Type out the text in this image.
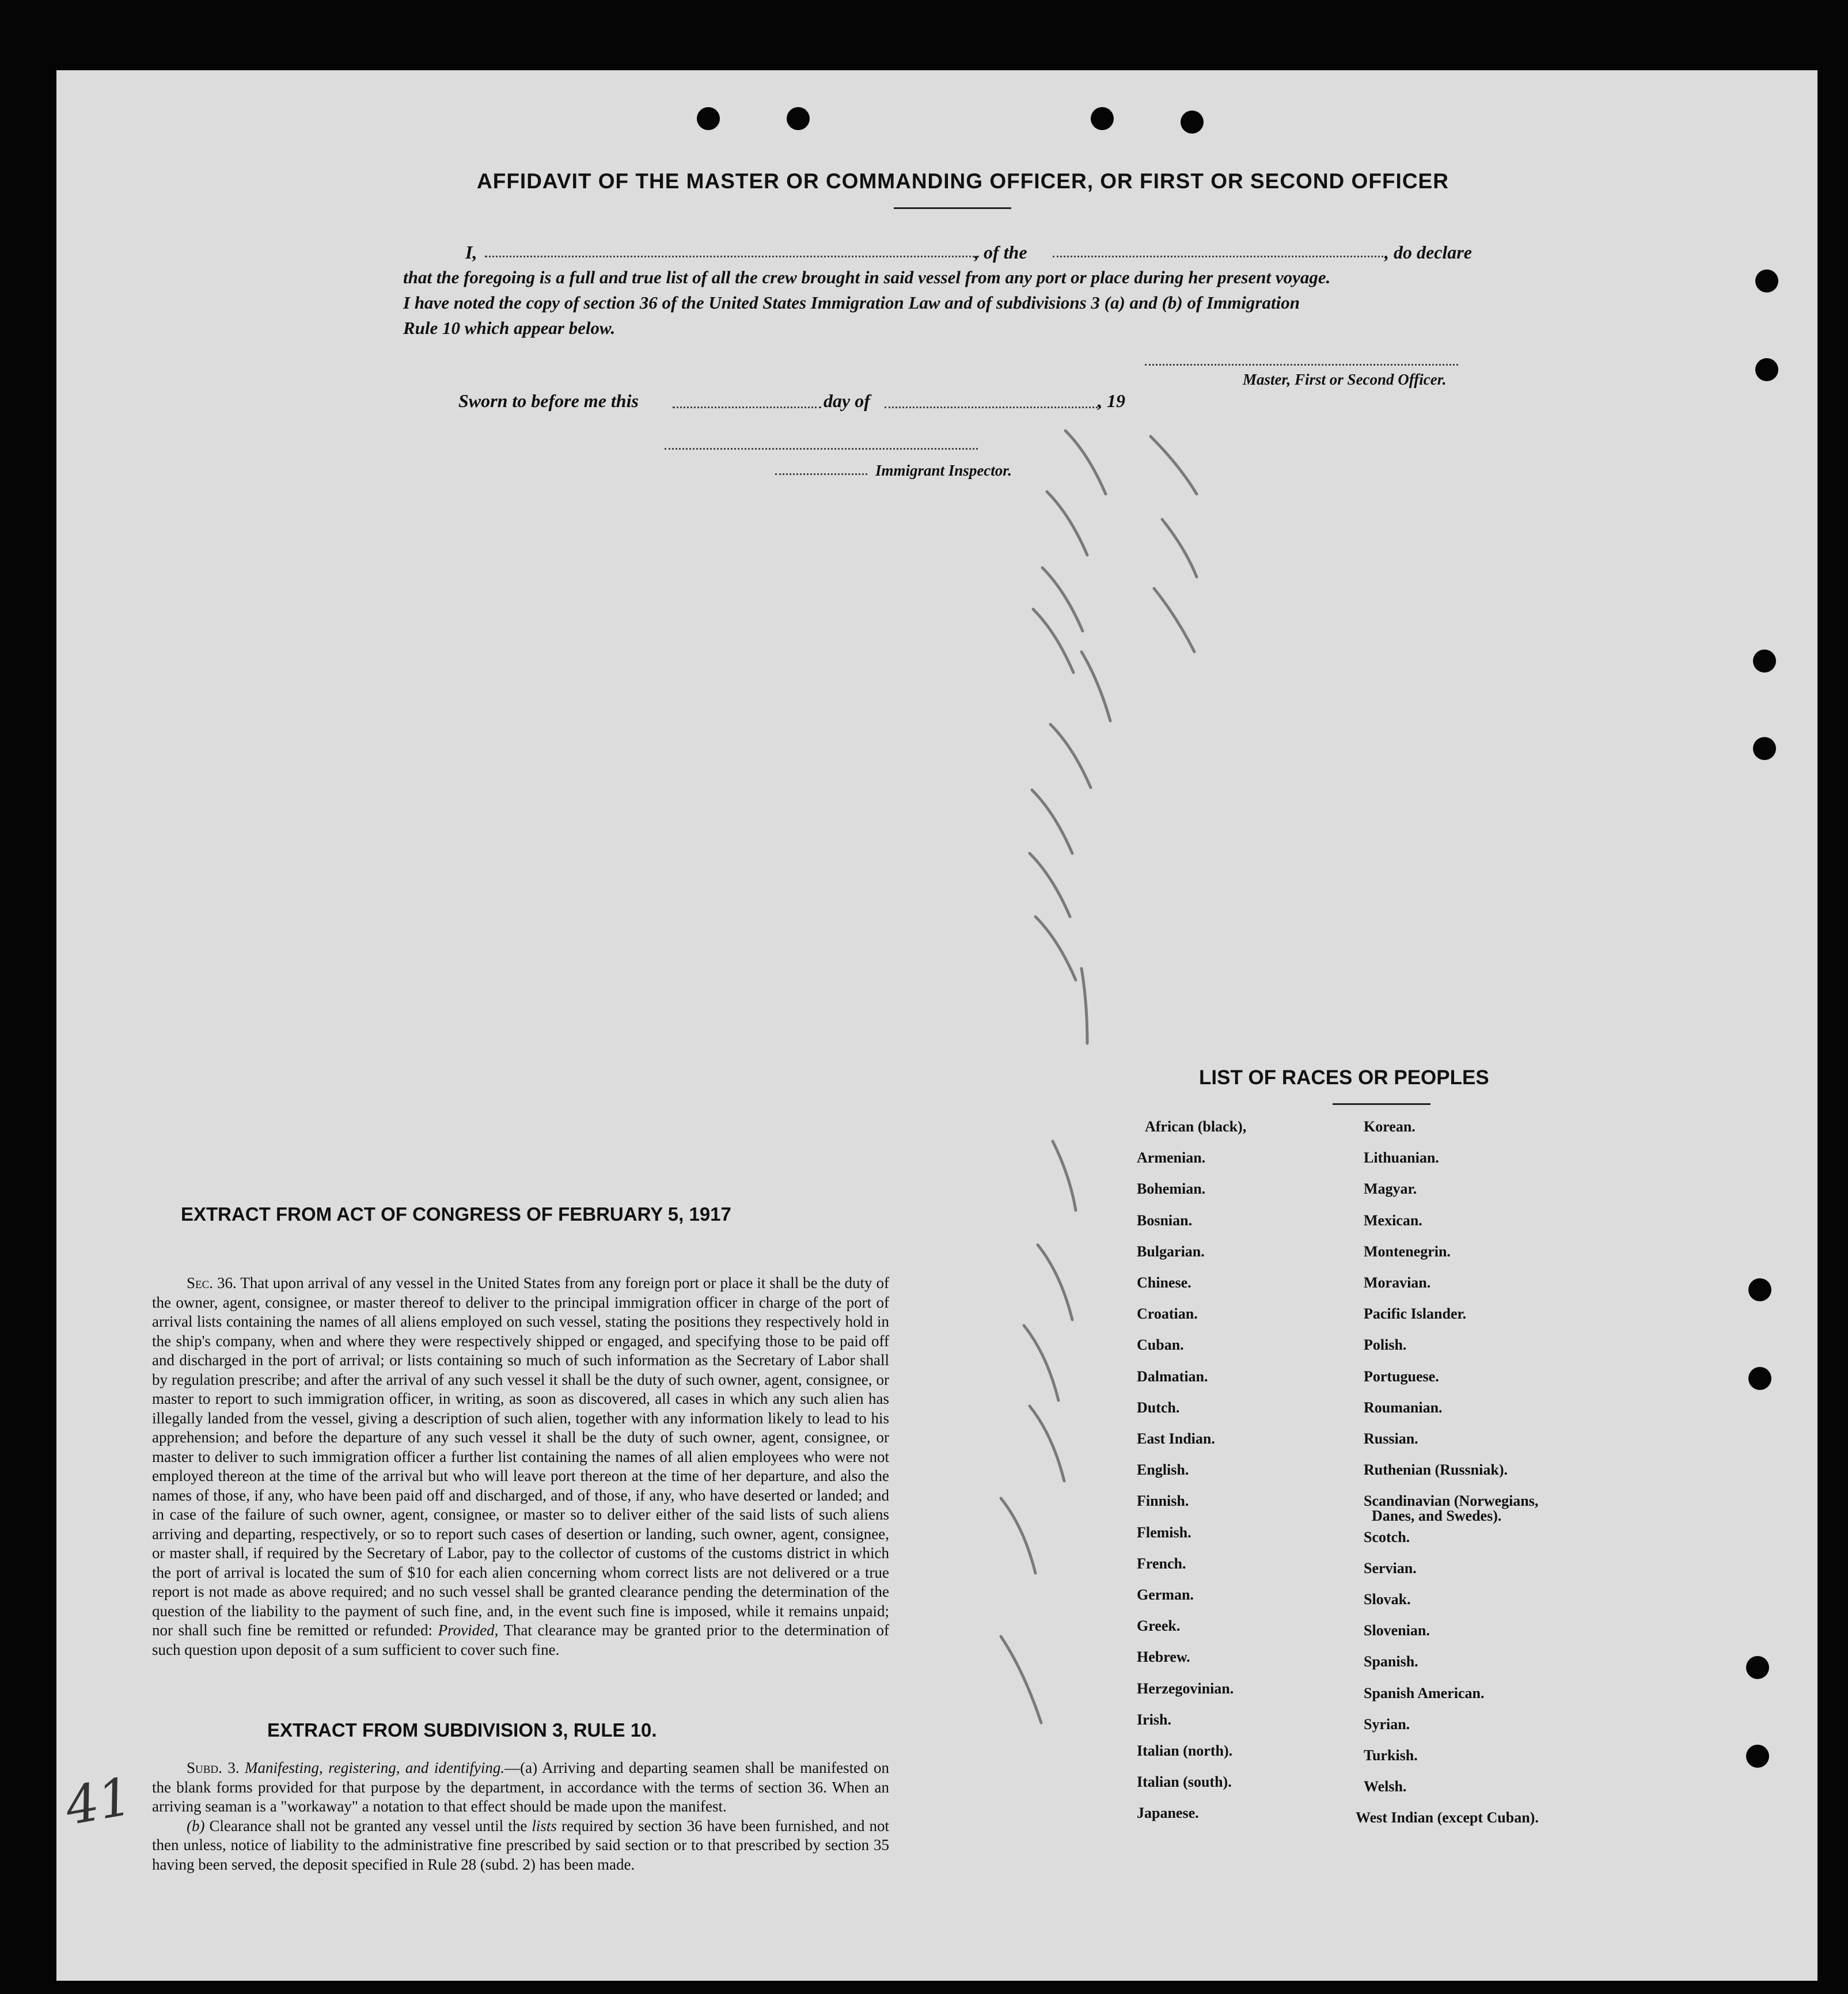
41
AFFIDAVIT OF THE MASTER OR COMMANDING OFFICER, OR FIRST OR SECOND OFFICER
I,	, of the	, do declare
that the foregoing is a full and true list of all the crew brought in said vessel from any port or place during her present voyage.
I have noted the copy of section 36 of the United States Immigration Law and of subdivisions 3 (a) and (b) of Immigration
Rule 10 which appear below.
Master, First or Second Officer.
Sworn to before me this	day of	, 19
Immigrant Inspector.
LIST OF RACES OR PEOPLES
EXTRACT FROM ACT OF CONGRESS OF FEBRUARY 5, 1917

Sec. 36. That upon arrival of any vessel in the United States from any foreign port or place it shall be the duty of the owner, agent, consignee, or master thereof to deliver to the principal immigration officer in charge of the port of arrival lists containing the names of all aliens employed on such vessel, stating the positions they respectively hold in the ship's company, when and where they were respectively shipped or engaged, and specifying those to be paid off and discharged in the port of arrival; or lists containing so much of such information as the Secretary of Labor shall by regulation prescribe; and after the arrival of any such vessel it shall be the duty of such owner, agent, consignee, or master to report to such immigration officer, in writing, as soon as discovered, all cases in which any such alien has illegally landed from the vessel, giving a description of such alien, together with any information likely to lead to his apprehension; and before the departure of any such vessel it shall be the duty of such owner, agent, consignee, or master to deliver to such immigration officer a further list containing the names of all alien employees who were not employed thereon at the time of the arrival but who will leave port thereon at the time of her departure, and also the names of those, if any, who have been paid off and discharged, and of those, if any, who have deserted or landed; and in case of the failure of such owner, agent, consignee, or master so to deliver either of the said lists of such aliens arriving and departing, respectively, or so to report such cases of desertion or landing, such owner, agent, consignee, or master shall, if required by the Secretary of Labor, pay to the collector of customs of the customs district in which the port of arrival is located the sum of $10 for each alien concerning whom correct lists are not delivered or a true report is not made as above required; and no such vessel shall be granted clearance pending the determination of the question of the liability to the payment of such fine, and, in the event such fine is imposed, while it remains unpaid; nor shall such fine be remitted or refunded: Provided, That clearance may be granted prior to the determination of such question upon deposit of a sum sufficient to cover such fine.

EXTRACT FROM SUBDIVISION 3, RULE 10.

Subd. 3. Manifesting, registering, and identifying.—(a) Arriving and departing seamen shall be manifested on the blank forms provided for that purpose by the department, in accordance with the terms of section 36. When an arriving seaman is a "workaway" a notation to that effect should be made upon the manifest.

(b) Clearance shall not be granted any vessel until the lists required by section 36 have been furnished, and not then unless, notice of liability to the administrative fine prescribed by said section or to that prescribed by section 35 having been served, the deposit specified in Rule 28 (subd. 2) has been made.

African (black),
Armenian.
Bohemian.
Bosnian.
Bulgarian.
Chinese.
Croatian.
Cuban.
Dalmatian.
Dutch.
East Indian.
English.
Finnish.
Flemish.
French.
German.
Greek.
Hebrew.
Herzegovinian.
Irish.
Italian (north).
Italian (south).
Japanese.
Korean.
Lithuanian.
Magyar.
Mexican.
Montenegrin.
Moravian.
Pacific Islander.
Polish.
Portuguese.
Roumanian.
Russian.
Ruthenian (Russniak).
Scandinavian (Norwegians,
Danes, and Swedes).
Scotch.
Servian.
Slovak.
Slovenian.
Spanish.
Spanish American.
Syrian.
Turkish.
Welsh.
West Indian (except Cuban).
